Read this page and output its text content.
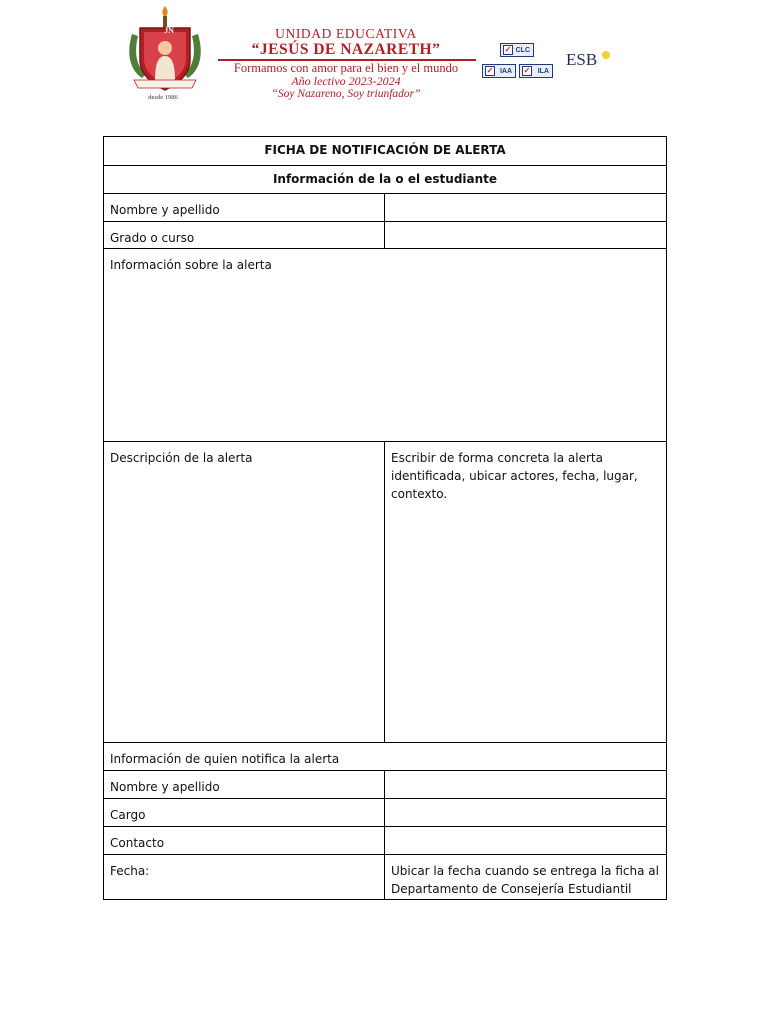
JN
desde 1986
UNIDAD EDUCATIVA
“JESÚS DE NAZARETH”
Formamos con amor para el bien y el mundo
Año lectivo 2023-2024
“Soy Nazareno, Soy triunfador”
✓ CLC
✓ IAA ✓ ILA
ESB
FICHA DE NOTIFICACIÓN DE ALERTA	
Información de la o el estudiante	
Nombre y apellido	
Grado o curso	
Información sobre la alerta	
Descripción de la alerta	Escribir de forma concreta la alerta identificada, ubicar actores, fecha, lugar, contexto.
Información de quien notifica la alerta	
Nombre y apellido	
Cargo	
Contacto	
Fecha:	Ubicar la fecha cuando se entrega la ficha al Departamento de Consejería Estudiantil
